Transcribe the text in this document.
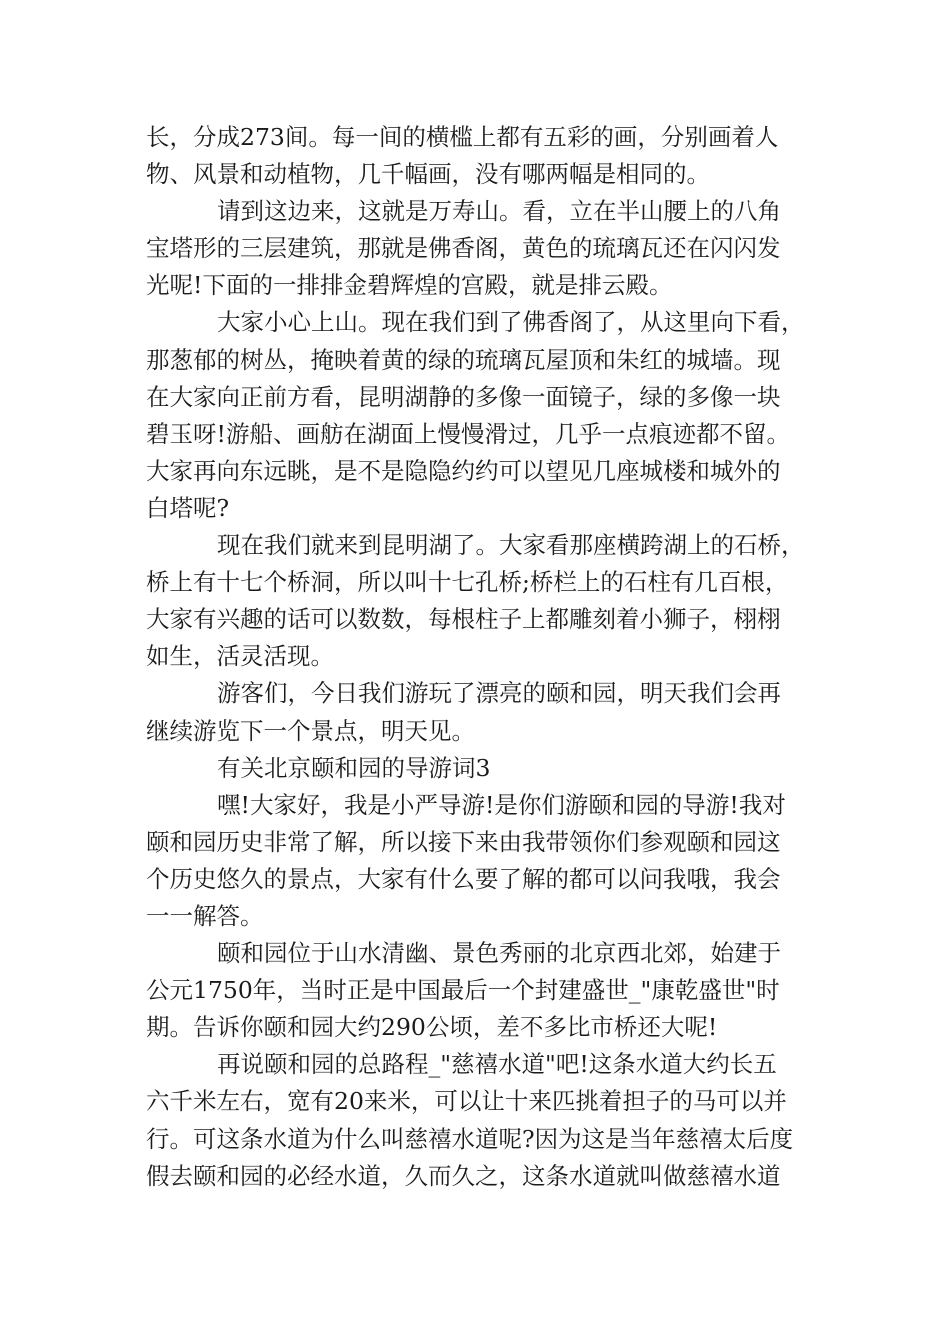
长，分成273间。每一间的横槛上都有五彩的画，分别画着人
物、风景和动植物，几千幅画，没有哪两幅是相同的。
请到这边来，这就是万寿山。看，立在半山腰上的八角
宝塔形的三层建筑，那就是佛香阁，黄色的琉璃瓦还在闪闪发
光呢!下面的一排排金碧辉煌的宫殿，就是排云殿。
大家小心上山。现在我们到了佛香阁了，从这里向下看，
那葱郁的树丛，掩映着黄的绿的琉璃瓦屋顶和朱红的城墙。现
在大家向正前方看，昆明湖静的多像一面镜子，绿的多像一块
碧玉呀!游船、画舫在湖面上慢慢滑过，几乎一点痕迹都不留。
大家再向东远眺，是不是隐隐约约可以望见几座城楼和城外的
白塔呢?
现在我们就来到昆明湖了。大家看那座横跨湖上的石桥，
桥上有十七个桥洞，所以叫十七孔桥;桥栏上的石柱有几百根，
大家有兴趣的话可以数数，每根柱子上都雕刻着小狮子，栩栩
如生，活灵活现。
游客们，今日我们游玩了漂亮的颐和园，明天我们会再
继续游览下一个景点，明天见。
有关北京颐和园的导游词3
嘿!大家好，我是小严导游!是你们游颐和园的导游!我对
颐和园历史非常了解，所以接下来由我带领你们参观颐和园这
个历史悠久的景点，大家有什么要了解的都可以问我哦，我会
一一解答。
颐和园位于山水清幽、景色秀丽的北京西北郊，始建于
公元1750年，当时正是中国最后一个封建盛世_"康乾盛世"时
期。告诉你颐和园大约290公顷，差不多比市桥还大呢!
再说颐和园的总路程_"慈禧水道"吧!这条水道大约长五
六千米左右，宽有20来米，可以让十来匹挑着担子的马可以并
行。可这条水道为什么叫慈禧水道呢?因为这是当年慈禧太后度
假去颐和园的必经水道，久而久之，这条水道就叫做慈禧水道
